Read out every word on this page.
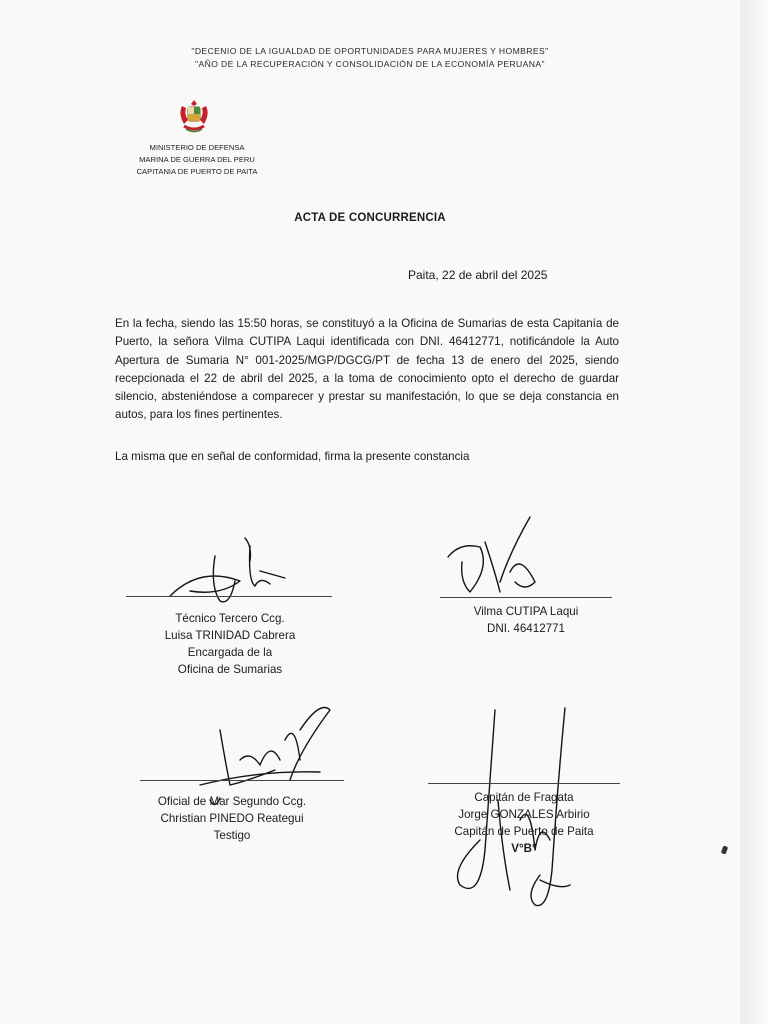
"DECENIO DE LA IGUALDAD DE OPORTUNIDADES PARA MUJERES Y HOMBRES"
"AÑO DE LA RECUPERACIÓN Y CONSOLIDACIÓN DE LA ECONOMÍA PERUANA"
MINISTERIO DE DEFENSA
MARINA DE GUERRA DEL PERU
CAPITANIA DE PUERTO DE PAITA
ACTA DE CONCURRENCIA
Paita, 22 de abril del 2025
En la fecha, siendo las 15:50 horas, se constituyó a la Oficina de Sumarias de esta Capitanía de Puerto, la señora Vilma CUTIPA Laqui identificada con DNI. 46412771, notificándole la Auto Apertura de Sumaria N° 001-2025/MGP/DGCG/PT de fecha 13 de enero del 2025, siendo recepcionada el 22 de abril del 2025, a la toma de conocimiento opto el derecho de guardar silencio, absteniéndose a comparecer y prestar su manifestación, lo que se deja constancia en autos, para los fines pertinentes.
La misma que en señal de conformidad, firma la presente constancia
Técnico Tercero Ccg.
Luisa TRINIDAD Cabrera
Encargada de la
Oficina de Sumarias
Vilma CUTIPA Laqui
DNI. 46412771
Oficial de Mar Segundo Ccg.
Christian PINEDO Reategui
Testigo
Capitán de Fragata
Jorge GONZALES Arbirio
Capitán de Puerto de Paita
V°B°
